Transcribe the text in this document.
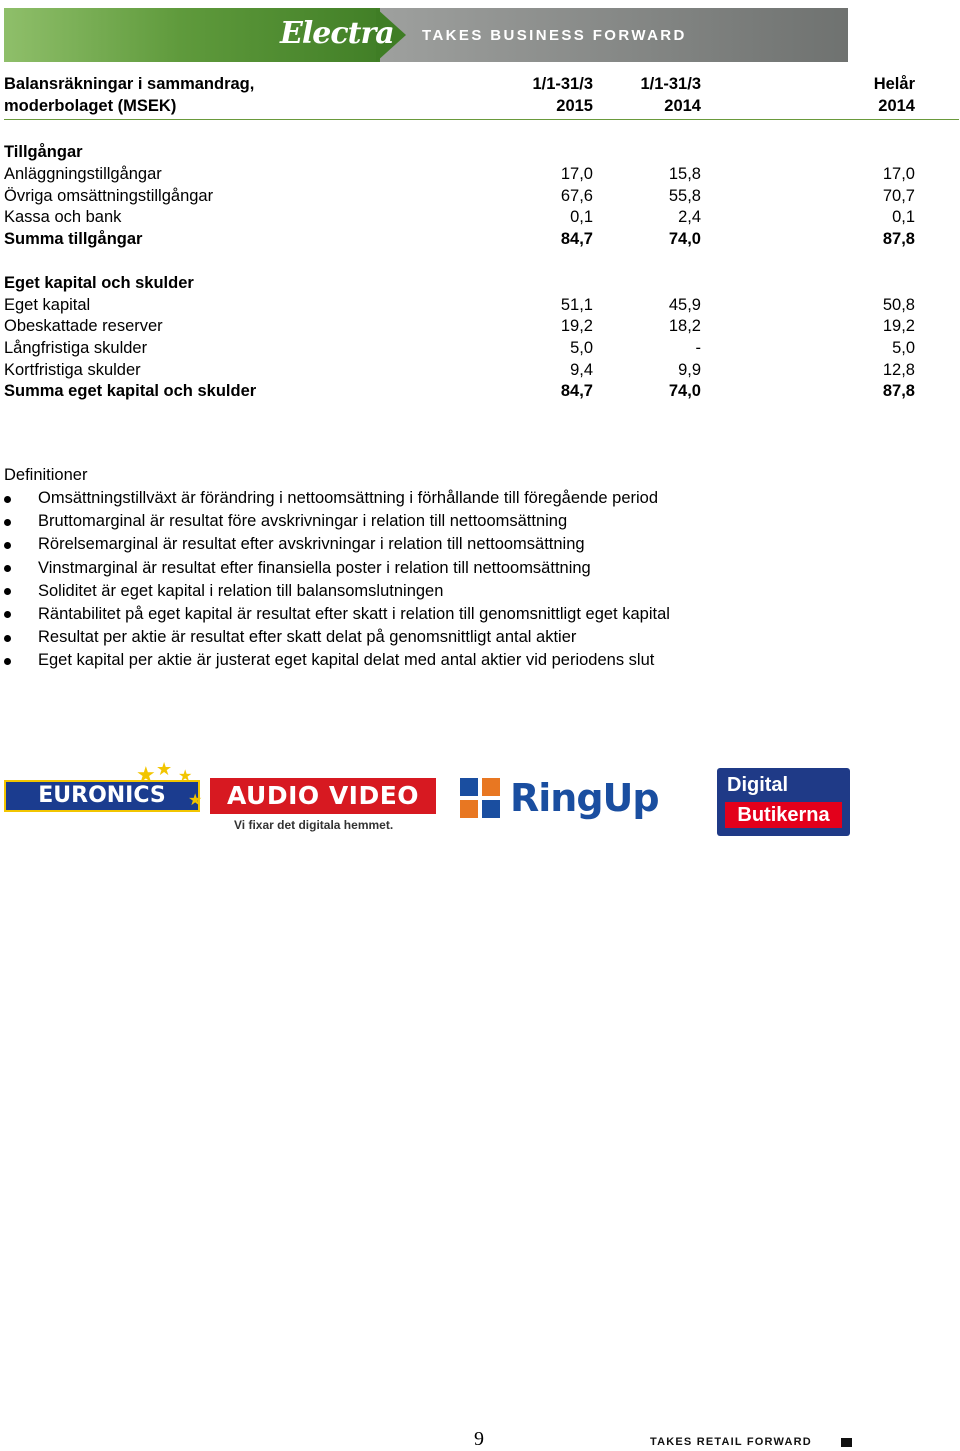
Electra TAKES BUSINESS FORWARD
Balansräkningar i sammandrag,	1/1-31/3	1/1-31/3	Helår
moderbolaget (MSEK)	2015	2014	2014
Tillgångar
Anläggningstillgångar	17,0	15,8	17,0
Övriga omsättningstillgångar	67,6	55,8	70,7
Kassa och bank	0,1	2,4	0,1
Summa tillgångar	84,7	74,0	87,8
Eget kapital och skulder
Eget kapital	51,1	45,9	50,8
Obeskattade reserver	19,2	18,2	19,2
Långfristiga skulder	5,0	-	5,0
Kortfristiga skulder	9,4	9,9	12,8
Summa eget kapital och skulder	84,7	74,0	87,8
Definitioner
Omsättningstillväxt är förändring i nettoomsättning i förhållande till föregående period
Bruttomarginal är resultat före avskrivningar i relation till nettoomsättning
Rörelsemarginal är resultat efter avskrivningar i relation till nettoomsättning
Vinstmarginal är resultat efter finansiella poster i relation till nettoomsättning
Soliditet är eget kapital i relation till balansomslutningen
Räntabilitet på eget kapital är resultat efter skatt i relation till genomsnittligt eget kapital
Resultat per aktie är resultat efter skatt delat på genomsnittligt antal aktier
Eget kapital per aktie är justerat eget kapital delat med antal aktier vid periodens slut
EURONICS
★ ★ ★
★ AUDIO VIDEO
Vi fixar det digitala hemmet.
RingUp	Digital
Butikerna
9	TAKES RETAIL FORWARD
